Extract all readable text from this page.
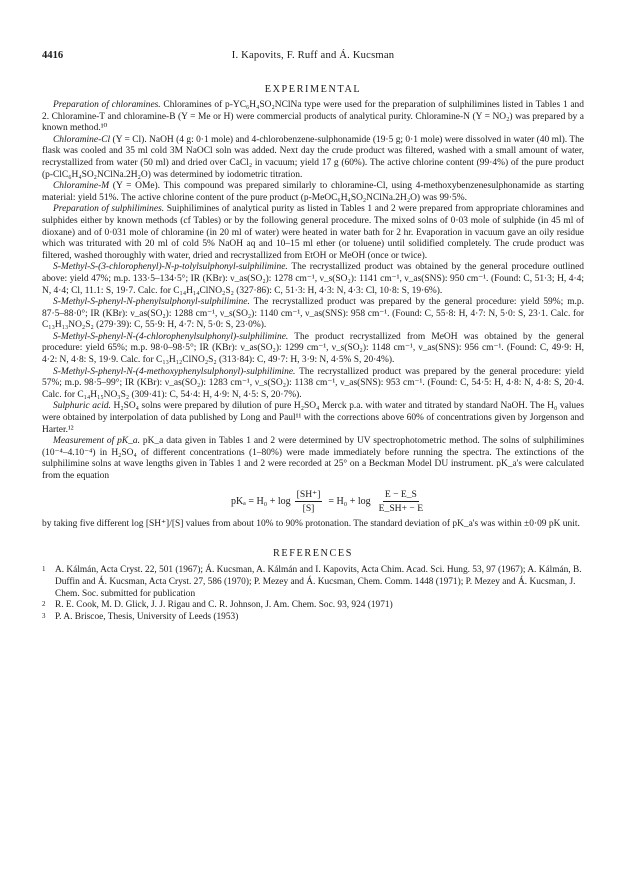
4416	I. Kapovits, F. Ruff and Á. Kucsman
EXPERIMENTAL

Preparation of chloramines. Chloramines of p-YC₆H₄SO₂NClNa type were used for the preparation of sulphilimines listed in Tables 1 and 2. Chloramine-T and chloramine-B (Y = Me or H) were commercial products of analytical purity. Chloramine-N (Y = NO₂) was prepared by a known method.¹⁰

Chloramine-Cl (Y = Cl). NaOH (4 g: 0·1 mole) and 4-chlorobenzene-sulphonamide (19·5 g; 0·1 mole) were dissolved in water (40 ml). The flask was cooled and 35 ml cold 3M NaOCl soln was added. Next day the crude product was filtered, washed with a small amount of water, recrystallized from water (50 ml) and dried over CaCl₂ in vacuum; yield 17 g (60%). The active chlorine content (99·4%) of the pure product (p-ClC₆H₄SO₂NClNa.2H₂O) was determined by iodometric titration.

Chloramine-M (Y = OMe). This compound was prepared similarly to chloramine-Cl, using 4-methoxybenzenesulphonamide as starting material: yield 51%. The active chlorine content of the pure product (p-MeOC₆H₄SO₂NClNa.2H₂O) was 99·5%.

Preparation of sulphilimines. Suiphilimines of analytical purity as listed in Tables 1 and 2 were prepared from appropriate chloramines and sulphides either by known methods (cf Tables) or by the following general procedure. The mixed solns of 0·03 mole of sulphide (in 45 ml of dioxane) and of 0·031 mole of chloramine (in 20 ml of water) were heated in water bath for 2 hr. Evaporation in vacuum gave an oily residue which was triturated with 20 ml of cold 5% NaOH aq and 10–15 ml ether (or toluene) until solidified completely. The crude product was filtered, washed thoroughly with water, dried and recrystallized from EtOH or MeOH (once or twice).

S-Methyl-S-(3-chlorophenyl)-N-p-tolylsulphonyl-sulphilimine. The recrystallized product was obtained by the general procedure outlined above: yield 47%; m.p. 133·5–134·5°; IR (KBr): ν_as(SO₂): 1278 cm⁻¹, ν_s(SO₂): 1141 cm⁻¹, ν_as(SNS): 950 cm⁻¹. (Found: C, 51·3; H, 4·4; N, 4·4; Cl, 11.1: S, 19·7. Calc. for C₁₄H₁₄ClNO₂S₂ (327·86): C, 51·3: H, 4·3: N, 4·3: Cl, 10·8: S, 19·6%).

S-Methyl-S-phenyl-N-phenylsulphonyl-sulphilimine. The recrystallized product was prepared by the general procedure: yield 59%; m.p. 87·5–88·0°; IR (KBr): ν_as(SO₂): 1288 cm⁻¹, ν_s(SO₂): 1140 cm⁻¹, ν_as(SNS): 958 cm⁻¹. (Found: C, 55·8: H, 4·7: N, 5·0: S, 23·1. Calc. for C₁₃H₁₃NO₂S₂ (279·39): C, 55·9: H, 4·7: N, 5·0: S, 23·0%).

S-Methyl-S-phenyl-N-(4-chlorophenylsulphonyl)-sulphilimine. The product recrystallized from MeOH was obtained by the general procedure: yield 65%; m.p. 98·0–98·5°; IR (KBr): ν_as(SO₂): 1299 cm⁻¹, ν_s(SO₂): 1148 cm⁻¹, ν_as(SNS): 956 cm⁻¹. (Found: C, 49·9: H, 4·2: N, 4·8: S, 19·9. Calc. for C₁₃H₁₂ClNO₂S₂ (313·84): C, 49·7: H, 3·9: N, 4·5% S, 20·4%).

S-Methyl-S-phenyl-N-(4-methoxyphenylsulphonyl)-sulphilimine. The recrystallized product was prepared by the general procedure: yield 57%; m.p. 98·5–99°; IR (KBr): ν_as(SO₂): 1283 cm⁻¹, ν_s(SO₂): 1138 cm⁻¹, ν_as(SNS): 953 cm⁻¹. (Found: C, 54·5: H, 4·8: N, 4·8: S, 20·4. Calc. for C₁₄H₁₅NO₃S₂ (309·41): C, 54·4: H, 4·9: N, 4·5: S, 20·7%).

Sulphuric acid. H₂SO₄ solns were prepared by dilution of pure H₂SO₄ Merck p.a. with water and titrated by standard NaOH. The H₀ values were obtained by interpolation of data published by Long and Paul¹¹ with the corrections above 60% of concentrations given by Jorgenson and Harter.¹²

Measurement of pK_a. pK_a data given in Tables 1 and 2 were determined by UV spectrophotometric method. The solns of sulphilimines (10⁻⁴–4.10⁻⁴) in H₂SO₄ of different concentrations (1–80%) were made immediately before running the spectra. The extinctions of the sulphilimine solns at wave lengths given in Tables 1 and 2 were recorded at 25° on a Beckman Model DU instrument. pK_a's were calculated from the equation

$pK_a = H_0 + \log \frac{[SH^+]}{[S]} = H_0 + \log \frac{E - E\_S}{E\_SH+ - E}$

by taking five different log [SH⁺]/[S] values from about 10% to 90% protonation. The standard deviation of pK_a's was within ±0·09 pK unit.

REFERENCES
1	A. Kálmán, Acta Cryst. 22, 501 (1967); Á. Kucsman, A. Kálmán and I. Kapovits, Acta Chim. Acad. Sci. Hung. 53, 97 (1967); A. Kálmán, B. Duffin and Á. Kucsman, Acta Cryst. 27, 586 (1970); P. Mezey and Á. Kucsman, Chem. Comm. 1448 (1971); P. Mezey and Á. Kucsman, J. Chem. Soc. submitted for publication
2	R. E. Cook, M. D. Glick, J. J. Rigau and C. R. Johnson, J. Am. Chem. Soc. 93, 924 (1971)
3	P. A. Briscoe, Thesis, University of Leeds (1953)
